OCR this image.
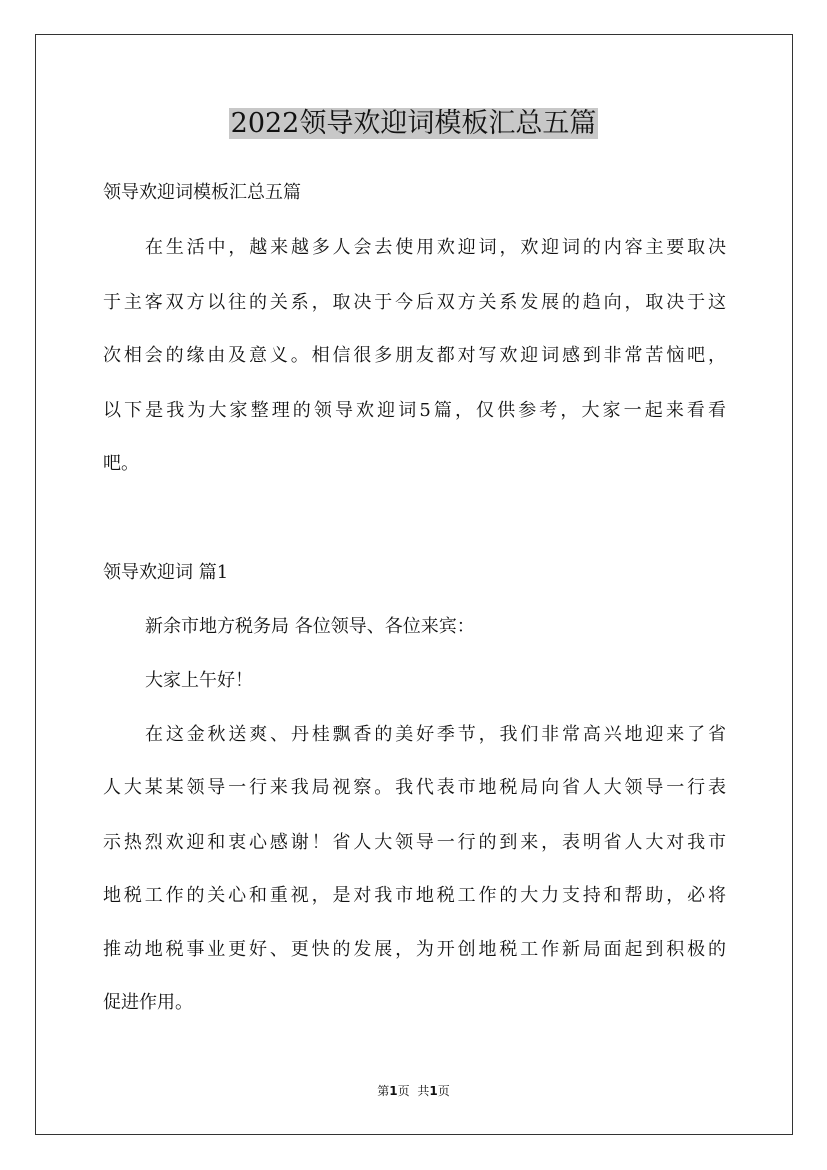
2022领导欢迎词模板汇总五篇
领导欢迎词模板汇总五篇
在生活中，越来越多人会去使用欢迎词，欢迎词的内容主要取决
于主客双方以往的关系，取决于今后双方关系发展的趋向，取决于这
次相会的缘由及意义。相信很多朋友都对写欢迎词感到非常苦恼吧，
以下是我为大家整理的领导欢迎词5篇，仅供参考，大家一起来看看
吧。
领导欢迎词 篇1
新余市地方税务局 各位领导、各位来宾：
大家上午好！
在这金秋送爽、丹桂飘香的美好季节，我们非常高兴地迎来了省
人大某某领导一行来我局视察。我代表市地税局向省人大领导一行表
示热烈欢迎和衷心感谢！省人大领导一行的到来，表明省人大对我市
地税工作的关心和重视，是对我市地税工作的大力支持和帮助，必将
推动地税事业更好、更快的发展，为开创地税工作新局面起到积极的
促进作用。
第1页 共1页
